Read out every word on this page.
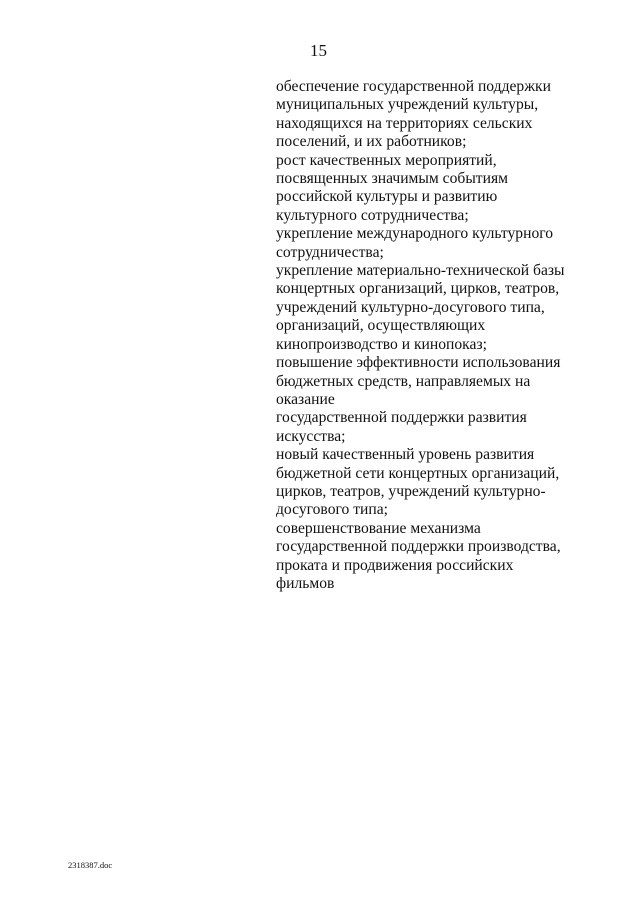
15
обеспечение государственной поддержки
муниципальных учреждений культуры,
находящихся на территориях сельских
поселений, и их работников;
рост качественных мероприятий,
посвященных значимым событиям
российской культуры и развитию
культурного сотрудничества;
укрепление международного культурного
сотрудничества;
укрепление материально-технической базы
концертных организаций, цирков, театров,
учреждений культурно-досугового типа,
организаций, осуществляющих
кинопроизводство и кинопоказ;
повышение эффективности использования
бюджетных средств, направляемых на
оказание
государственной поддержки развития
искусства;
новый качественный уровень развития
бюджетной сети концертных организаций,
цирков, театров, учреждений культурно-
досугового типа;
совершенствование механизма
государственной поддержки производства,
проката и продвижения российских
фильмов
2318387.doc
